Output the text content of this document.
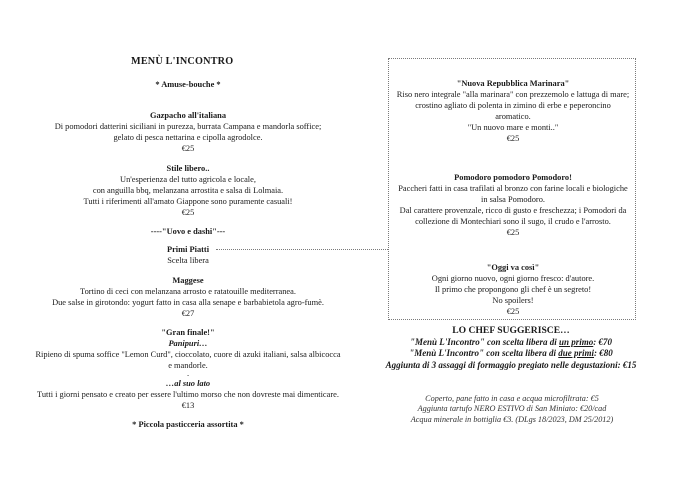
MENÙ L'INCONTRO
* Amuse-bouche *
Gazpacho all'italiana
Di pomodori datterini siciliani in purezza, burrata Campana e mandorla soffice;
gelato di pesca nettarina e cipolla agrodolce.
€25
Stile libero..
Un'esperienza del tutto agricola e locale,
con anguilla bbq, melanzana arrostita e salsa di Lolmaia.
Tutti i riferimenti all'amato Giappone sono puramente casuali!
€25
----"Uovo e dashi"---
Primi Piatti
Scelta libera
Maggese
Tortino di ceci con melanzana arrosto e ratatouille mediterranea.
Due salse in girotondo: yogurt fatto in casa alla senape e barbabietola agro-fumè.
€27
"Gran finale!"
Panipuri…
Ripieno di spuma soffice "Lemon Curd", cioccolato, cuore di azuki italiani, salsa albicocca
e mandorle.
.
…al suo lato
Tutti i giorni pensato e creato per essere l'ultimo morso che non dovreste mai dimenticare.
€13
* Piccola pasticceria assortita *
"Nuova Repubblica Marinara"
Riso nero integrale "alla marinara" con prezzemolo e lattuga di mare;
crostino agliato di polenta in zimino di erbe e peperoncino
aromatico.
"Un nuovo mare e monti.."
€25
Pomodoro pomodoro Pomodoro!
Paccheri fatti in casa trafilati al bronzo con farine locali e biologiche
in salsa Pomodoro.
Dal carattere provenzale, ricco di gusto e freschezza; i Pomodori da
collezione di Montechiari sono il sugo, il crudo e l'arrosto.
€25
"Oggi va così"
Ogni giorno nuovo, ogni giorno fresco: d'autore.
Il primo che propongono gli chef è un segreto!
No spoilers!
€25
LO CHEF SUGGERISCE…
"Menù L'Incontro" con scelta libera di un primo: €70
"Menù L'Incontro" con scelta libera di due primi: €80
Aggiunta di 3 assaggi di formaggio pregiato nelle degustazioni: €15
Coperto, pane fatto in casa e acqua microfiltrata: €5
Aggiunta tartufo NERO ESTIVO di San Miniato: €20/cad
Acqua minerale in bottiglia €3. (DLgs 18/2023, DM 25/2012)
